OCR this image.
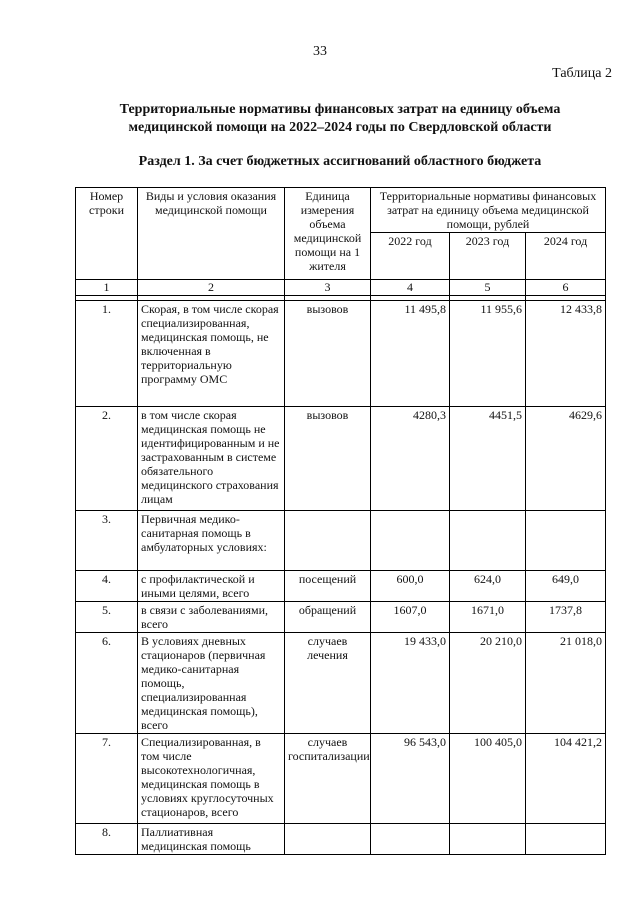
33
Таблица 2
Территориальные нормативы финансовых затрат на единицу объема
медицинской помощи на 2022–2024 годы по Свердловской области
Раздел 1. За счет бюджетных ассигнований областного бюджета
Номер строки	Виды и условия оказания медицинской помощи	Единица измерения объема медицинской помощи на 1 жителя	Территориальные нормативы финансовых затрат на единицу объема медицинской помощи, рублей		
			2022 год	2023 год	2024 год
1	2	3	4	5	6

1.	Скорая, в том числе скорая специализированная, медицинская помощь, не включенная в территориальную программу ОМС	вызовов	11 495,8	11 955,6	12 433,8
2.	в том числе скорая медицинская помощь не идентифицированным и не застрахованным в системе обязательного медицинского страхования лицам	вызовов	4280,3	4451,5	4629,6
3.	Первичная медико-санитарная помощь в амбулаторных условиях:				
4.	с профилактической и иными целями, всего	посещений	600,0	624,0	649,0
5.	в связи с заболеваниями, всего	обращений	1607,0	1671,0	1737,8
6.	В условиях дневных стационаров (первичная медико-санитарная помощь, специализированная медицинская помощь), всего	случаев лечения	19 433,0	20 210,0	21 018,0
7.	Специализированная, в том числе высокотехнологичная, медицинская помощь в условиях круглосуточных стационаров, всего	случаев госпитализации	96 543,0	100 405,0	104 421,2
8.	Паллиативная медицинская помощь				
